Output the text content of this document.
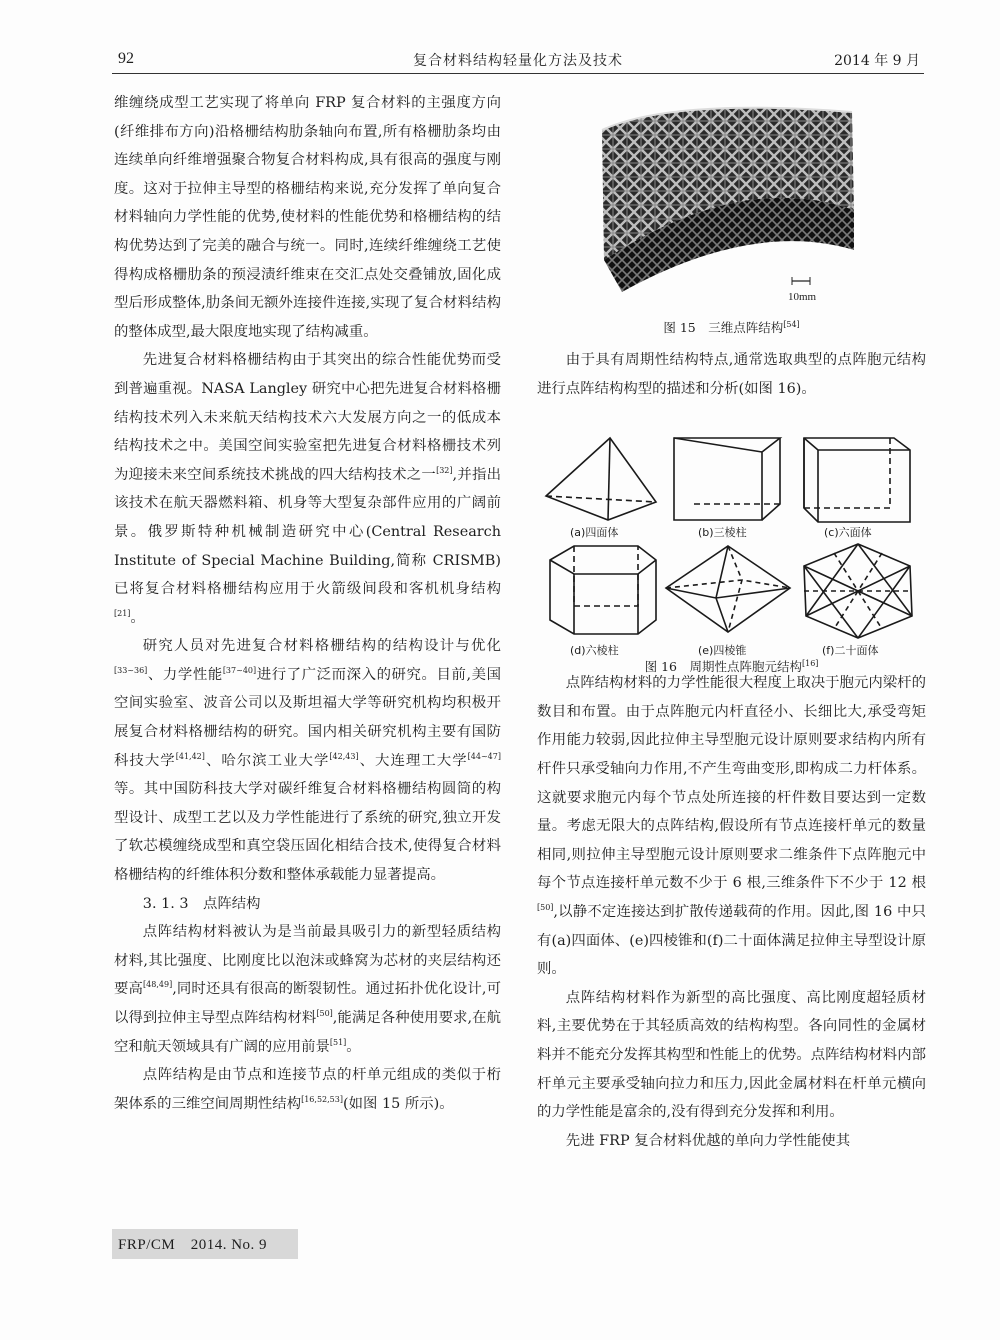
92	复合材料结构轻量化方法及技术	2014 年 9 月

维缠绕成型工艺实现了将单向 FRP 复合材料的主强度方向(纤维排布方向)沿格栅结构肋条轴向布置,所有格栅肋条均由连续单向纤维增强聚合物复合材料构成,具有很高的强度与刚度。这对于拉伸主导型的格栅结构来说,充分发挥了单向复合材料轴向力学性能的优势,使材料的性能优势和格栅结构的结构优势达到了完美的融合与统一。同时,连续纤维缠绕工艺使得构成格栅肋条的预浸渍纤维束在交汇点处交叠铺放,固化成型后形成整体,肋条间无额外连接件连接,实现了复合材料结构的整体成型,最大限度地实现了结构减重。

先进复合材料格栅结构由于其突出的综合性能优势而受到普遍重视。NASA Langley 研究中心把先进复合材料格栅结构技术列入未来航天结构技术六大发展方向之一的低成本结构技术之中。美国空间实验室把先进复合材料格栅技术列为迎接未来空间系统技术挑战的四大结构技术之一[32],并指出该技术在航天器燃料箱、机身等大型复杂部件应用的广阔前景。俄罗斯特种机械制造研究中心(Central Research Institute of Special Machine Building,简称 CRISMB)已将复合材料格栅结构应用于火箭级间段和客机机身结构[21]。

研究人员对先进复合材料格栅结构的结构设计与优化[33~36]、力学性能[37~40]进行了广泛而深入的研究。目前,美国空间实验室、波音公司以及斯坦福大学等研究机构均积极开展复合材料格栅结构的研究。国内相关研究机构主要有国防科技大学[41,42]、哈尔滨工业大学[42,43]、大连理工大学[44~47]等。其中国防科技大学对碳纤维复合材料格栅结构圆筒的构型设计、成型工艺以及力学性能进行了系统的研究,独立开发了软芯模缠绕成型和真空袋压固化相结合技术,使得复合材料格栅结构的纤维体积分数和整体承载能力显著提高。

3. 1. 3　点阵结构

点阵结构材料被认为是当前最具吸引力的新型轻质结构材料,其比强度、比刚度比以泡沫或蜂窝为芯材的夹层结构还要高[48,49],同时还具有很高的断裂韧性。通过拓扑优化设计,可以得到拉伸主导型点阵结构材料[50],能满足各种使用要求,在航空和航天领域具有广阔的应用前景[51]。

点阵结构是由节点和连接节点的杆单元组成的类似于桁架体系的三维空间周期性结构[16,52,53](如图 15 所示)。

10mm
图 15　三维点阵结构[54]

由于具有周期性结构特点,通常选取典型的点阵胞元结构进行点阵结构构型的描述和分析(如图 16)。

点阵结构材料的力学性能很大程度上取决于胞元内梁杆的数目和布置。由于点阵胞元内杆直径小、长细比大,承受弯矩作用能力较弱,因此拉伸主导型胞元设计原则要求结构内所有杆件只承受轴向力作用,不产生弯曲变形,即构成二力杆体系。这就要求胞元内每个节点处所连接的杆件数目要达到一定数量。考虑无限大的点阵结构,假设所有节点连接杆单元的数量相同,则拉伸主导型胞元设计原则要求二维条件下点阵胞元中每个节点连接杆单元数不少于 6 根,三维条件下不少于 12 根[50],以静不定连接达到扩散传递载荷的作用。因此,图 16 中只有(a)四面体、(e)四棱锥和(f)二十面体满足拉伸主导型设计原则。

点阵结构材料作为新型的高比强度、高比刚度超轻质材料,主要优势在于其轻质高效的结构构型。各向同性的金属材料并不能充分发挥其构型和性能上的优势。点阵结构材料内部杆单元主要承受轴向拉力和压力,因此金属材料在杆单元横向的力学性能是富余的,没有得到充分发挥和利用。

先进 FRP 复合材料优越的单向力学性能使其

(a)四面体	(b)三棱柱	(c)六面体
(d)六棱柱	(e)四棱锥	(f)二十面体
图 16　周期性点阵胞元结构[16]
FRP/CM　2014. No. 9
